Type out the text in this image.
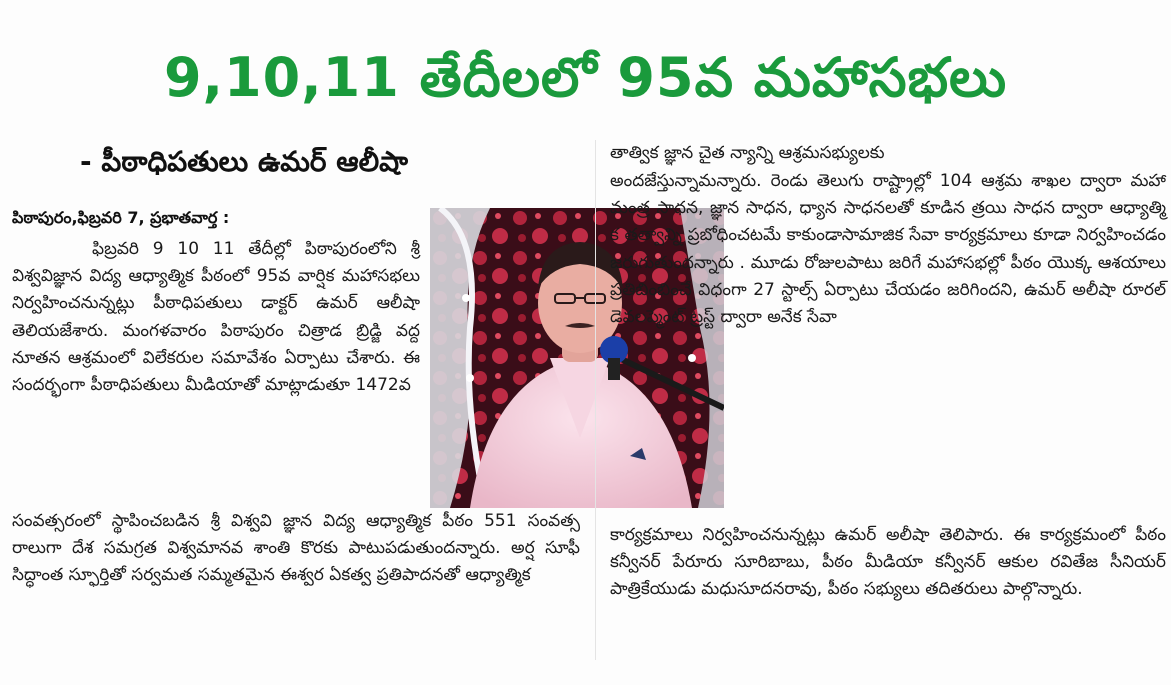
9,10,11 తేదీలలో 95వ మహాసభలు
- పీఠాధిపతులు ఉమర్ ఆలీషా
పిఠాపురం,ఫిబ్రవరి 7, ప్రభాతవార్త :

ఫిబ్రవరి 9 10 11 తేదీల్లో పిఠాపురంలోని శ్రీ విశ్వవిజ్ఞాన విద్య ఆధ్యాత్మిక పీఠంలో 95వ వార్షిక మహాసభలు నిర్వహించనున్నట్లు పీఠాధిపతులు డాక్టర్ ఉమర్ ఆలీషా తెలియజేశారు. మంగళవారం పిఠాపురం చిత్రాడ బ్రిడ్జి వద్ద నూతన ఆశ్రమంలో విలేకరుల సమావేశం ఏర్పాటు చేశారు. ఈ సందర్భంగా పీఠాధిపతులు మీడియాతో మాట్లాడుతూ 1472వ

సంవత్సరంలో స్థాపించబడిన శ్రీ విశ్వవి జ్ఞాన విద్య ఆధ్యాత్మిక పీఠం 551 సంవత్స రాలుగా దేశ సమగ్రత విశ్వమానవ శాంతి కొరకు పాటుపడుతుందన్నారు. అర్ష సూఫీ సిద్ధాంత స్ఫూర్తితో సర్వమత సమ్మతమైన ఈశ్వర ఏకత్వ ప్రతిపాదనతో ఆధ్యాత్మిక

తాత్విక జ్ఞాన చైత న్యాన్ని ఆశ్రమసభ్యులకు

అందజేస్తున్నామన్నారు. రెండు తెలుగు రాష్ట్రాల్లో 104 ఆశ్రమ శాఖల ద్వారా మహా మంత్ర సాధన, జ్ఞాన సాధన, ధ్యాన సాధనలతో కూడిన త్రయి సాధన ద్వారా ఆధ్యాత్మి క తత్వాన్ని ప్రబోధించటమే కాకుండాసామాజిక సేవా కార్యక్రమాలు కూడా నిర్వహించడం జరుగుతుందన్నారు . మూడు రోజులపాటు జరిగే మహాసభల్లో పీఠం యొక్క ఆశయాలు ప్రతిబింబించే విధంగా 27 స్టాల్స్ ఏర్పాటు చేయడం జరిగిందని, ఉమర్ అలీషా రూరల్ డెవలప్మెంట్ ట్రస్ట్ ద్వారా అనేక సేవా

కార్యక్రమాలు నిర్వహించనున్నట్లు ఉమర్ అలీషా తెలిపారు. ఈ కార్యక్రమంలో పీఠం కన్వీనర్ పేరూరు సూరిబాబు, పీఠం మీడియా కన్వీనర్ ఆకుల రవితేజ సీనియర్ పాత్రికేయుడు మధుసూదనరావు, పీఠం సభ్యులు తదితరులు పాల్గొన్నారు.
